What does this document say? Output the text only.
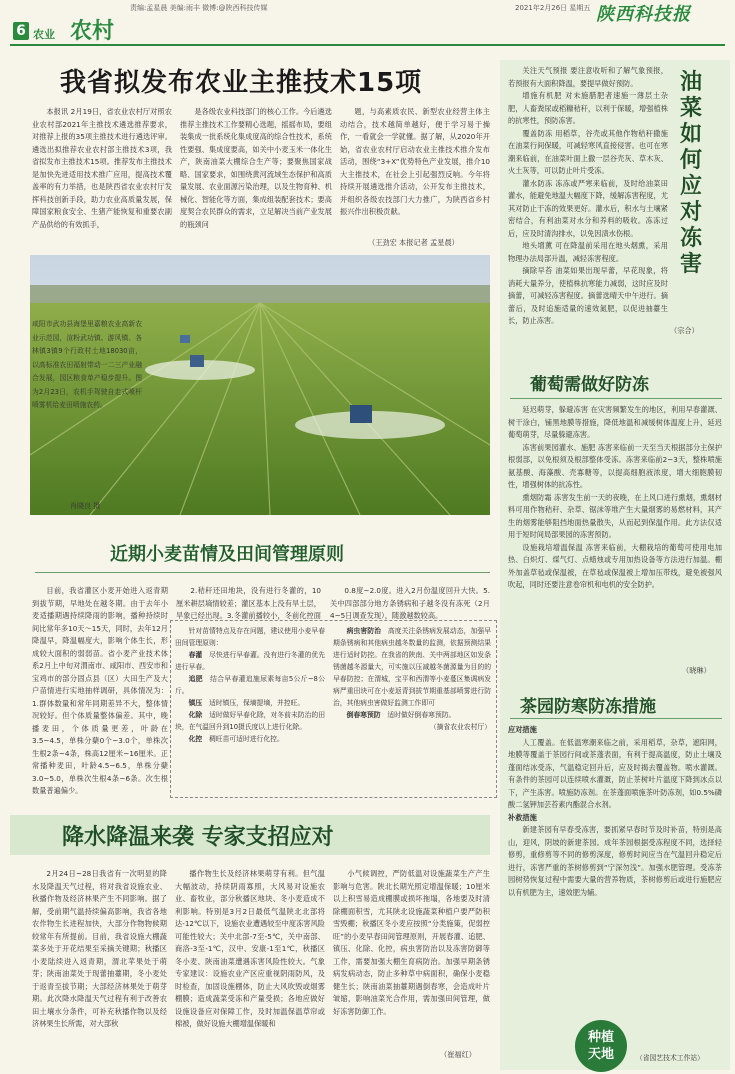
6 农业 农村
责编:孟星晨 美编:雨丰 微博:@陕西科技传媒	2021年2月26日 星期五 陕西科技报
我省拟发布农业主推技术15项

本报讯 2月19日，省农业农村厅对照农业农村部2021年主推技术遴选推荐要求，对推荐上报的35项主推技术进行遴选评审。遴选出拟推荐农业农村部主推技术3项，我省拟发布主推技术15项。推荐发布主推技术是加快先进适用技术推广应用，提高技术覆盖率的有力举措，也是陕西省农业农村厅发挥科技创新手段，助力农业高质量发展，保障国家粮食安全、生猪产能恢复和重要农副产品供给的有效抓手，

是各级农业科技部门的核心工作。今后遴选推荐主推技术工作要精心选题，摇摇布局，要组装集成一批系统化集成度高的综合性技术，系统性要强、集成度要高，如关中小麦玉米一体化生产，陕南油菜大棚综合生产等；要聚焦国家战略、国家要求，如围绕黄河流域生态保护和高质量发展、农业面源污染治理，以及生物育种、机械化、智能化等方面，集成组装配套技术；要高度契合农民群众的需求，立足解决当前产业发展的瓶颈问

题，与高素质农民、新型农业经营主体主动结合，技术越简单越好，便于学习易于操作，一看就会一学就懂。据了解，从2020年开始，省农业农村厅启动农业主推技术推介发布活动，围绕“3+X”优势特色产业发展，推介10大主推技术，在社会上引起强烈反响。今年将持续开展遴选推介活动，公开发布主推技术，并组织各级农技部门大力推广，为陕西省乡村振兴作出积极贡献。

（王劲宏 本报记者 孟星晨）
咸阳市武功县海堡里嘉粮农业高新农业示范园，渲粉武功镇、游风镇、各林镇3镇9个行政村土地18030亩，以高标准农田福射带动一二三产业融合发展，园区粮食单产稳步提升。图为2月23日，农机手驾驶自走式喷杆喷雾机给麦田喷施农药。
肖晓良 摄
近期小麦苗情及田间管理原则

目前，我省灌区小麦开始进入返青期到拔节期，早地处在越冬期。由于去年小麦适播期遇持续降雨的影响，播种持续时间比常年多10天～15天，同时，去年12月降温早，降温幅度大，影响个体生长，形成较大面积的弱弱苗。省小麦产业技术体系2月上中旬对渭南市、咸阳市、西安市和宝鸡市的部分固点县（区）大田生产及大户苗情进行实地抽样调研，具体情况为：1.群体数量和常年同期差异不大，整体情况较好。但个体质量整体偏差。其中，晚播麦田，个体质量更差，叶龄在3.5~4.5，单株分蘖0个~3.0个，单株次生根2条~4条，株高12厘米~16厘米。正常播种麦田，叶龄4.5~6.5，单株分蘖3.0~5.0，单株次生根4条~6条。次生根数量普遍偏少。

2.秸秆还田地块，没有进行冬灌的，10厘米耕层墒情较差；灌区基本上没有旱土层，旱象已经出现。3.冬灌前播较小，冬前化控面

0.8度~2.0度。进入2月份温度回升大快。5.关中四部部分地方条锈病和子越冬没有冻死（2月4~5日调查发现），随激越数较高。

针对苗情特点及存在问题，建议使用小麦早春田间管理原则：

春灌　 尽快进行早春灌。没有进行冬灌的优先进行早春。

追肥　 结合早春灌追施尿素每亩5公斤~8公斤。

镇压　 适时镇压，保墒提墒，并控旺。

化除　 适时做好早春化除，对冬前未防治的田块，在气温回升到10摄氏度以上进行化除。

化控　 稠旺苗可适时进行化控。

病虫害防治　 高度关注条锈病发展动态，加强早期条锈病和其他病虫越冬数量的监测，依据预测结果进行适时防控。在我省的陕南、关中两部地区如发条锈菌越冬源量大，可实施以压减越冬菌源量为目的的早春防控；在渭城，宝平和西渭等小麦蔓区集调病发病严重田块可在小麦返青到拔节期重基部喷雾进行防治，其他病虫害做好监测工作即可

倒春寒预防　 适时做好倒春寒预防。

（摘省农业农村厅）

降水降温来袭 专家支招应对

2月24日~28日我省有一次明显的降水及降温天气过程，将对我省设施农业、秋播作物及经济林果产生不同影响。据了解，受前期气温持续偏高影响，我省各地农作物生长进程加快，大部分作物物候期较常年有所提前。目前，我省设施大棚蔬菜多处于开花结果至采摘关键期；秋播区小麦陆续进入返青期，渭北苹果处于萌芽；陕南油菜处于现蕾抽薹期，冬小麦处于返青至拔节期；大部经济林果处于萌芽期。此次降水降温天气过程有利于改善农田土壤水分条件，可补充秋播作物以及经济林果生长所需，对大部秋

播作物生长及经济林果萌芽有利。但气温大幅波动，持续阴雨寡照，大风易对设施农业、畜牧业，部分秋播区地块、冬小麦造成不利影响。特别是3月2日最低气温陕北北部将达-12℃以下，设施农业遭遇较至中度冻害风险可能性较大；关中北部-7至-5℃，关中南部、商洛-3至-1℃，汉中、安康-1至1℃，秋播区冬小麦、陕南油菜遭遇冻害风险性较大。气象专家建议：设施农业产区应重视阴雨防风，及时检查，加固设施棚体，防止大风吹毁或烟雾棚膜；造成蔬菜受冻和产量受损；各地应做好设施设备应对保障工作，及时加温保温草帘或棉被，做好设施大棚增温保暖和

小气候调控，严防低温对设施蔬菜生产产生影响与危害。陕北长期光照定增温保暖；10厘米以上积雪易造成棚膜或损坏拖塌，各地要及时清除棚面积雪，尤其陕北设施蔬菜种植户要严防积雪毁棚；秋播区冬小麦应按照“分类施策，促弱控旺”的小麦早春田间管理原则，开展春灌、追肥、镇压、化除、化控，病虫害防治以及冻害防御等工作，需要加强大棚生育病防治。加强早期条锈病发病动态，防止多种草中病面积，确保小麦稳健生长；陕南油菜抽薹期遇倒春寒，会造成叶片皱缩，影响油菜光合作用，需加强田间管理，做好冻害防御工作。

（崔福红）
油菜如何应对冻害

关注天气预报 要注意收听和了解气象预报，若预报有大面积降温，要提早做好预防。

增施有机肥 对未施腊肥者速施一薄层土杂肥，人畜粪尿或稻糠秸秆，以利于保暖，增强植株的抗寒性，预防冻害。

覆盖防冻 用稻草，谷壳或其他作物秸秆撒施在油菜行间保暖，可减轻寒风直接侵害。也可在寒潮来临前，在油菜叶面上撒一层谷壳灰、草木灰、火土灰等，可以防止叶片受冻。

灌水防冻 冻冻或严寒来临前，及时给油菜田灌水，能避免地温大幅度下降，缓解冻害程度，尤其对防止干冻的效果更好。灌水后，积水与土壤紧密结合，有利油菜对水分和养料的吸收。冻冻过后，应及时清沟排水，以免因渍水伤根。

地头增薰 可在降温前采用在地头烟熏，采用物理办法局部升温，减轻冻害程度。

摘除早苔 油菜如果出现早蕾，早花现象，将消耗大量养分，使植株抗寒能力减弱，这时应及时摘蕾，可减轻冻害程度。摘蕾选晴天中午进行。摘蕾后，及时追施适量的速效氮肥，以促进抽薹生长，防止冻害。

（宗合）
葡萄需做好防冻

延迟萌芽，躲避冻害 在灾害频繁发生的地区，利用早春灌溉、树干涂白，铺黑地膜等措施，降低地温和减缓树体温度上升，延迟葡萄萌芽，尽量躲避冻害。

冻害前果园灌水、施肥 冻害来临前一天至当天根据部分主保护根弱部，以免根须及根部整体受冻。冻害来临前2~3天，整株喷施氨基酸、海藻酸、壳寡糖等，以提高细胞液浓度，增大细胞膜韧性，增强树体的抗冻性。

熏烟防霜 冻害发生前一天的夜晚，在上风口进行熏烟，熏烟材料可用作物秸秆、杂草、锯沫等堆产生大量烟雾的易燃材料，其产生的烟雾能够阻挡地面热量散失，从而起到保温作用。此方法仅适用于短时间局部果园的冻害预防。

设施栽培增温保温 冻害来临前，大棚栽培的葡萄可使用电加热、白炽灯、煤气灯、点蜡烛或专用加热设备等方法进行加温。棚外加盖草毡或保温被，在草毡或保温被上增加压带线，避免被强风吹起，同时还要注意卷帘机和电机的安全防护。

（晓琳）
茶园防寒防冻措施

应对措施

人工覆盖。在低温寒潮来临之前，采用稻草，杂草，遮阳网，地膜等覆盖于茶园行间或茶蓬表面，有利于提高温度，防止土壤及蓬面结冰受冻，气温稳定回升后，应及时揭去覆盖物。喷水灌溉。有条件的茶园可以连续喷水灌溉，防止茶树叶片温度下降到冰点以下，产生冻害。喷施防冻剂。在茶蓬面喷施茶叶防冻剂，如0.5%磷酸二氢钾加芸苔素内酯混合水剂。

补救措施

新建茶园有早春受冻害，要抓紧早春时节及时补苗，特别是高山，迎风，阴坡的新建茶园。成年茶园根据受冻程度不同，选择轻修剪，重修剪等不同的修剪深度，修剪时间应当在气温回升稳定后进行，冻害严重的茶树修剪到“宁深勿浅”。加强水肥管理。受冻茶园树势恢复过程中需要大量的营养物质，茶树修剪后或进行施肥应以有机肥为主，速效肥为辅。

种植天地	（省园艺技术工作站）
